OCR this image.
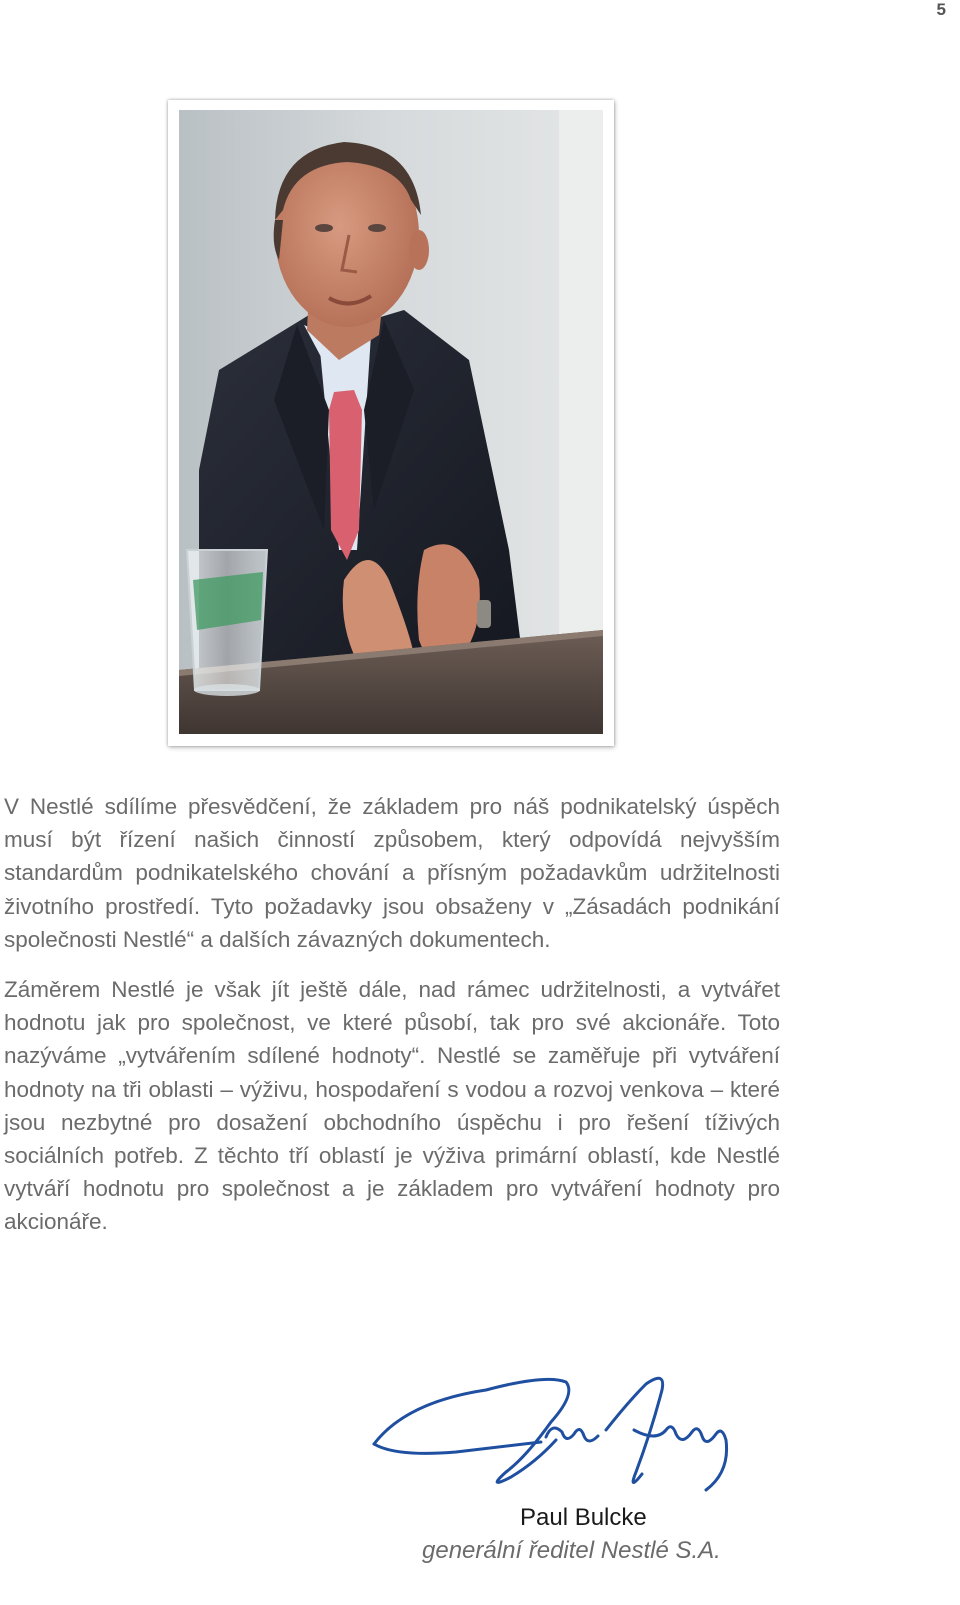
5

V Nestlé sdílíme přesvědčení, že základem pro náš podnikatelský úspěch musí být řízení našich činností způsobem, který odpovídá nejvyšším standardům podnikatelského chování a přísným požadavkům udržitelnosti životního prostředí. Tyto požadavky jsou obsaženy v „Zásadách podnikání společnosti Nestlé“ a dalších závazných dokumentech.

Záměrem Nestlé je však jít ještě dále, nad rámec udržitelnosti, a vytvářet hodnotu jak pro společnost, ve které působí, tak pro své akcionáře. Toto nazýváme „vytvářením sdílené hodnoty“. Nestlé se zaměřuje při vytváření hodnoty na tři oblasti – výživu, hospodaření s vodou a rozvoj venkova – které jsou nezbytné pro dosažení obchodního úspěchu i pro řešení tíživých sociálních potřeb. Z těchto tří oblastí je výživa primární oblastí, kde Nestlé vytváří hodnotu pro společnost a je základem pro vytváření hodnoty pro akcionáře.

Paul Bulcke
generální ředitel Nestlé S.A.
